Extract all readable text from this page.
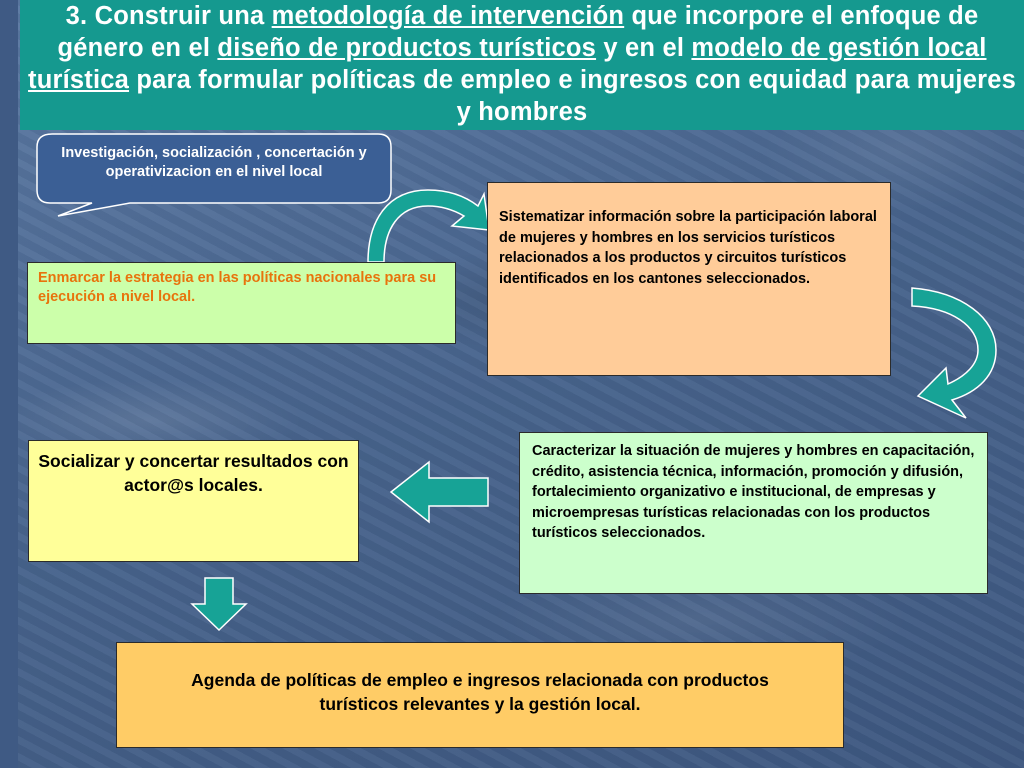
3. Construir una metodología de intervención que incorpore el enfoque de género en el diseño de productos turísticos y en el modelo de gestión local turística para formular políticas de empleo e ingresos con equidad para mujeres y hombres
Investigación, socialización , concertación y operativizacion en el nivel local
Enmarcar la estrategia en las políticas nacionales para su ejecución a nivel local.
Sistematizar información sobre la participación laboral de mujeres y hombres en los servicios turísticos relacionados a los productos y circuitos turísticos identificados en los cantones seleccionados.
Caracterizar la situación de mujeres y hombres en capacitación, crédito, asistencia técnica, información, promoción y difusión, fortalecimiento organizativo e institucional, de empresas y microempresas turísticas relacionadas con los productos turísticos seleccionados.
Socializar y concertar resultados con actor@s locales.
Agenda de políticas de empleo e ingresos relacionada con productos turísticos relevantes y la gestión local.
